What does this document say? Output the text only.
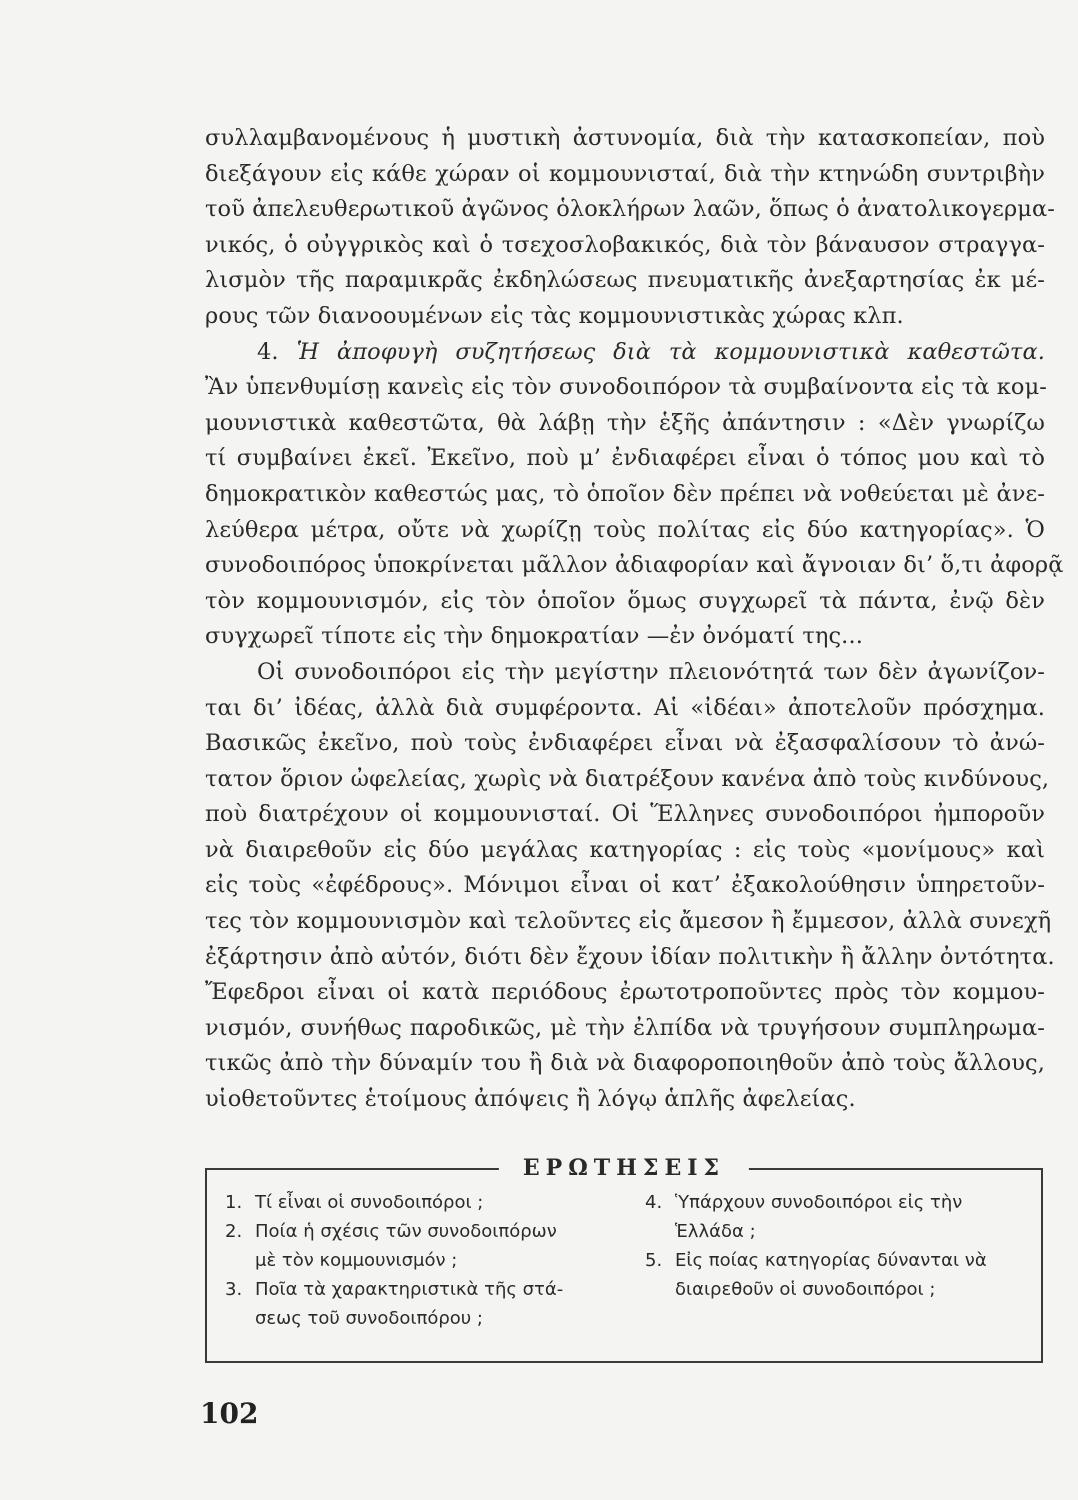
συλλαμβανομένους ἡ μυστικὴ ἀστυνομία, διὰ τὴν κατασκοπείαν, ποὺ
διεξάγουν εἰς κάθε χώραν οἱ κομμουνισταί, διὰ τὴν κτηνώδη συντριβὴν
τοῦ ἀπελευθερωτικοῦ ἀγῶνος ὁλοκλήρων λαῶν, ὅπως ὁ ἀνατολικογερμα-
νικός, ὁ οὐγγρικὸς καὶ ὁ τσεχοσλοβακικός, διὰ τὸν βάναυσον στραγγα-
λισμὸν τῆς παραμικρᾶς ἐκδηλώσεως πνευματικῆς ἀνεξαρτησίας ἐκ μέ-
ρους τῶν διανοουμένων εἰς τὰς κομμουνιστικὰς χώρας κλπ.
4. Ἡ ἀποφυγὴ συζητήσεως διὰ τὰ κομμουνιστικὰ καθεστῶτα.
Ἂν ὑπενθυμίσῃ κανεὶς εἰς τὸν συνοδοιπόρον τὰ συμβαίνοντα εἰς τὰ κομ-
μουνιστικὰ καθεστῶτα, θὰ λάβῃ τὴν ἑξῆς ἀπάντησιν : «Δὲν γνωρίζω
τί συμβαίνει ἐκεῖ. Ἐκεῖνο, ποὺ μ’ ἐνδιαφέρει εἶναι ὁ τόπος μου καὶ τὸ
δημοκρατικὸν καθεστώς μας, τὸ ὁποῖον δὲν πρέπει νὰ νοθεύεται μὲ ἀνε-
λεύθερα μέτρα, οὔτε νὰ χωρίζῃ τοὺς πολίτας εἰς δύο κατηγορίας». Ὁ
συνοδοιπόρος ὑποκρίνεται μᾶλλον ἀδιαφορίαν καὶ ἄγνοιαν δι’ ὅ,τι ἀφορᾷ
τὸν κομμουνισμόν, εἰς τὸν ὁποῖον ὅμως συγχωρεῖ τὰ πάντα, ἐνῷ δὲν
συγχωρεῖ τίποτε εἰς τὴν δημοκρατίαν —ἐν ὀνόματί της...
Οἱ συνοδοιπόροι εἰς τὴν μεγίστην πλειονότητά των δὲν ἀγωνίζον-
ται δι’ ἰδέας, ἀλλὰ διὰ συμφέροντα. Αἱ «ἰδέαι» ἀποτελοῦν πρόσχημα.
Βασικῶς ἐκεῖνο, ποὺ τοὺς ἐνδιαφέρει εἶναι νὰ ἐξασφαλίσουν τὸ ἀνώ-
τατον ὅριον ὠφελείας, χωρὶς νὰ διατρέξουν κανένα ἀπὸ τοὺς κινδύνους,
ποὺ διατρέχουν οἱ κομμουνισταί. Οἱ Ἕλληνες συνοδοιπόροι ἠμποροῦν
νὰ διαιρεθοῦν εἰς δύο μεγάλας κατηγορίας : εἰς τοὺς «μονίμους» καὶ
εἰς τοὺς «ἐφέδρους». Μόνιμοι εἶναι οἱ κατ’ ἐξακολούθησιν ὑπηρετοῦν-
τες τὸν κομμουνισμὸν καὶ τελοῦντες εἰς ἄμεσον ἢ ἔμμεσον, ἀλλὰ συνεχῆ
ἐξάρτησιν ἀπὸ αὐτόν, διότι δὲν ἔχουν ἰδίαν πολιτικὴν ἢ ἄλλην ὀντότητα.
Ἔφεδροι εἶναι οἱ κατὰ περιόδους ἐρωτοτροποῦντες πρὸς τὸν κομμου-
νισμόν, συνήθως παροδικῶς, μὲ τὴν ἐλπίδα νὰ τρυγήσουν συμπληρωμα-
τικῶς ἀπὸ τὴν δύναμίν του ἢ διὰ νὰ διαφοροποιηθοῦν ἀπὸ τοὺς ἄλλους,
υἱοθετοῦντες ἑτοίμους ἀπόψεις ἢ λόγῳ ἁπλῆς ἀφελείας.
ΕΡΩΤΗΣΕΙΣ
1. Τί εἶναι οἱ συνοδοιπόροι ;
2. Ποία ἡ σχέσις τῶν συνοδοιπόρων
μὲ τὸν κομμουνισμόν ;
3. Ποῖα τὰ χαρακτηριστικὰ τῆς στά-
σεως τοῦ συνοδοιπόρου ;
4. Ὑπάρχουν συνοδοιπόροι εἰς τὴν
Ἑλλάδα ;
5. Εἰς ποίας κατηγορίας δύνανται νὰ
διαιρεθοῦν οἱ συνοδοιπόροι ;
102
